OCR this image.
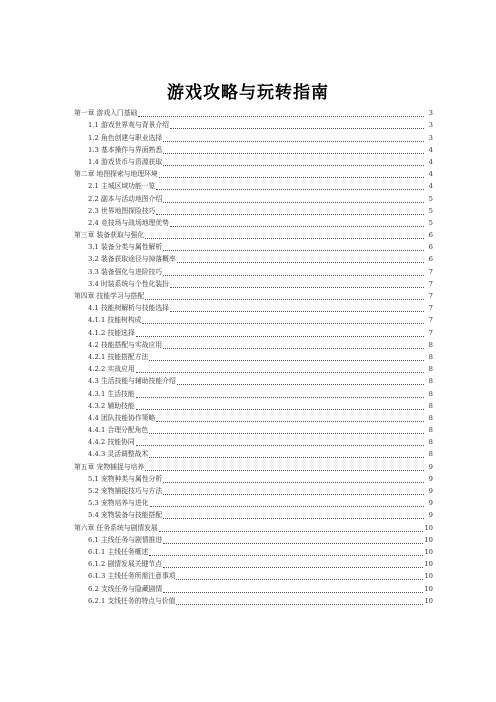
游戏攻略与玩转指南
第一章 游戏入门基础	3
1.1 游戏世界观与背景介绍	3
1.2 角色创建与职业选择	3
1.3 基本操作与界面熟悉	4
1.4 游戏货币与资源获取	4
第二章 地图探索与地理环境	4
2.1 主城区域功能一览	4
2.2 副本与活动地图介绍	5
2.3 世界地图探险技巧	5
2.4 竞技场与战场地理优势	5
第三章 装备获取与强化	6
3.1 装备分类与属性解析	6
3.2 装备获取途径与掉落概率	6
3.3 装备强化与进阶技巧	7
3.4 时装系统与个性化装扮	7
第四章 技能学习与搭配	7
4.1 技能树解析与技能选择	7
4.1.1 技能树构成	7
4.1.2 技能选择	7
4.2 技能搭配与实战应用	8
4.2.1 技能搭配方法	8
4.2.2 实战应用	8
4.3 生活技能与辅助技能介绍	8
4.3.1 生活技能	8
4.3.2 辅助技能	8
4.4 团队技能协作策略	8
4.4.1 合理分配角色	8
4.4.2 技能协同	8
4.4.3 灵活调整战术	8
第五章 宠物捕捉与培养	9
5.1 宠物种类与属性分析	9
5.2 宠物捕捉技巧与方法	9
5.3 宠物培养与进化	9
5.4 宠物装备与技能搭配	9
第六章 任务系统与剧情发展	10
6.1 主线任务与剧情推进	10
6.1.1 主线任务概述	10
6.1.2 剧情发展关键节点	10
6.1.3 主线任务所需注意事项	10
6.2 支线任务与隐藏剧情	10
6.2.1 支线任务的特点与价值	10
